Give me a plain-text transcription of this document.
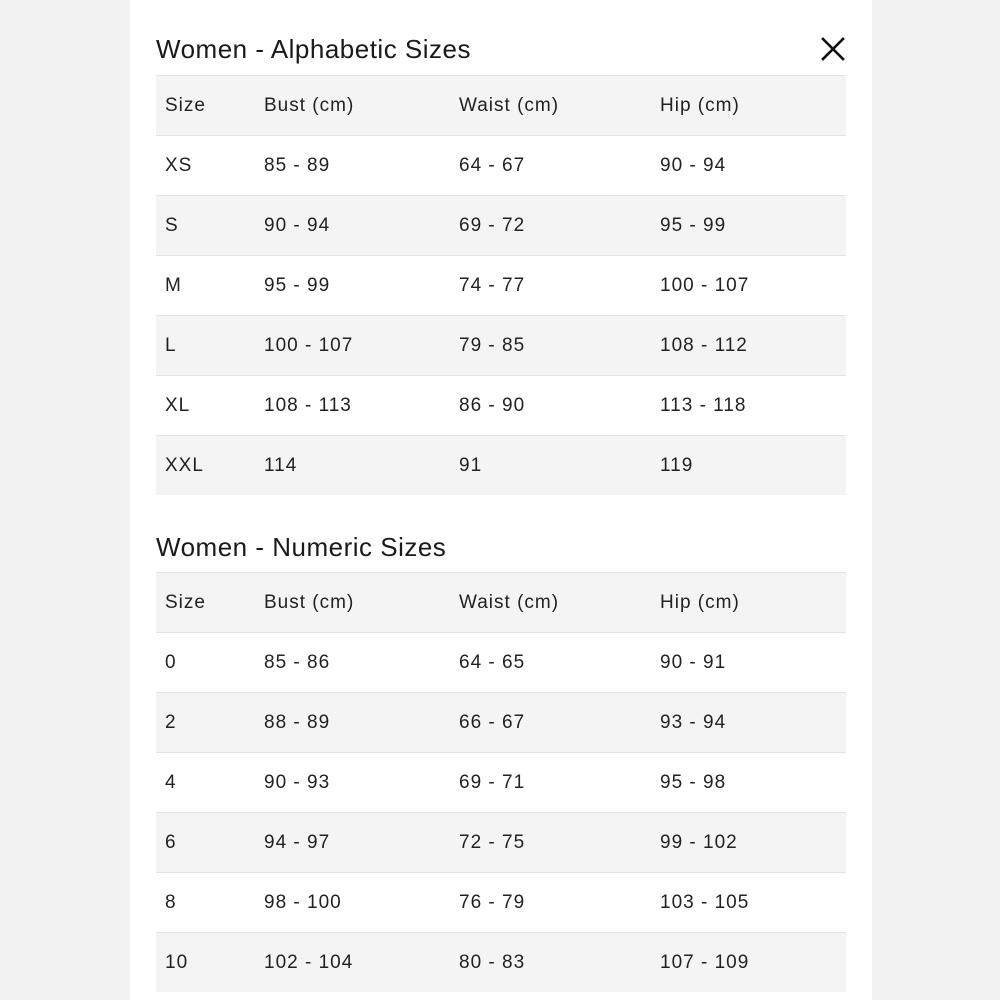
Women - Alphabetic Sizes
Size	Bust (cm)	Waist (cm)	Hip (cm)
XS	85 - 89	64 - 67	90 - 94
S	90 - 94	69 - 72	95 - 99
M	95 - 99	74 - 77	100 - 107
L	100 - 107	79 - 85	108 - 112
XL	108 - 113	86 - 90	113 - 118
XXL	114	91	119
Women - Numeric Sizes
Size	Bust (cm)	Waist (cm)	Hip (cm)
0	85 - 86	64 - 65	90 - 91
2	88 - 89	66 - 67	93 - 94
4	90 - 93	69 - 71	95 - 98
6	94 - 97	72 - 75	99 - 102
8	98 - 100	76 - 79	103 - 105
10	102 - 104	80 - 83	107 - 109
